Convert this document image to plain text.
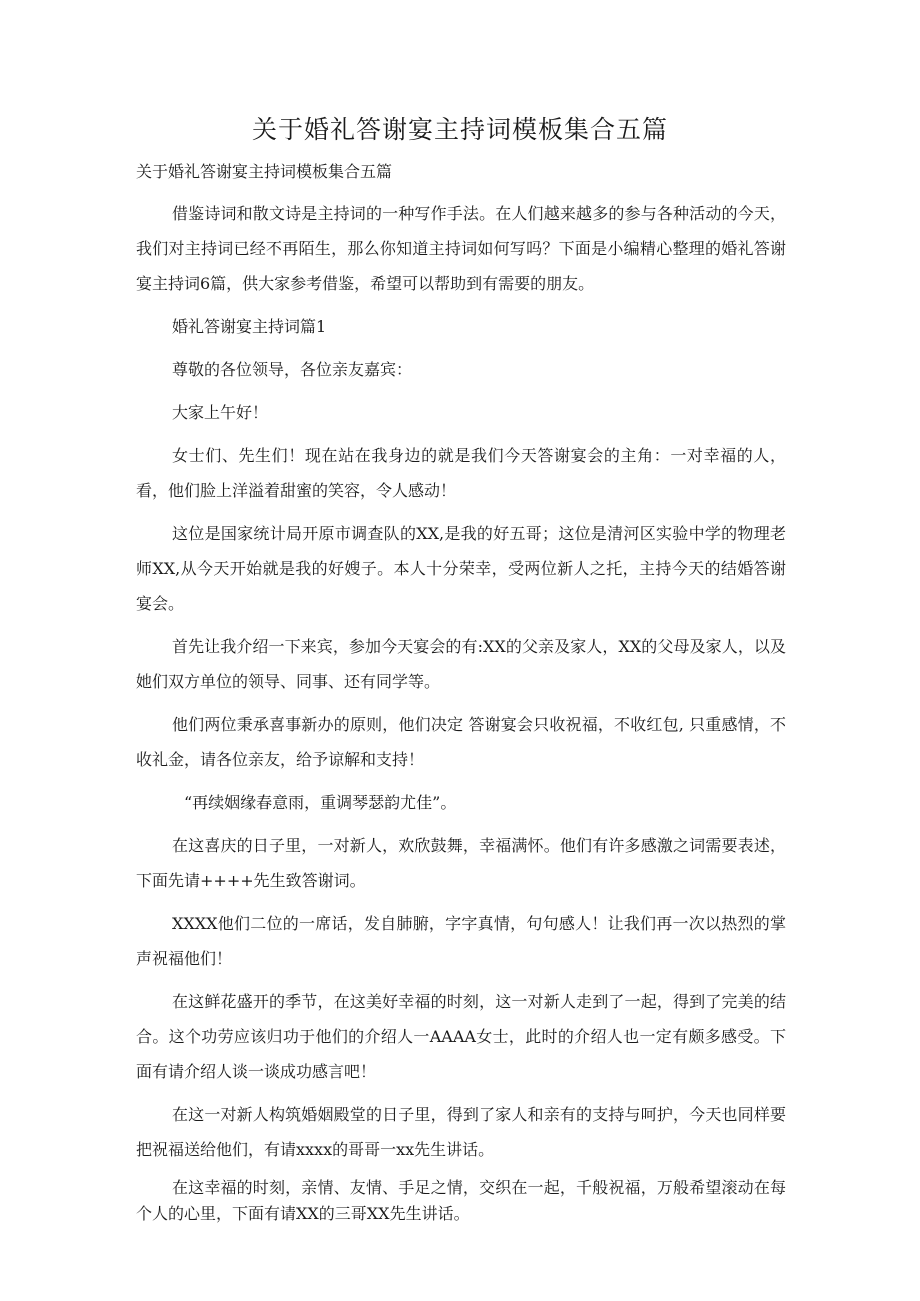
关于婚礼答谢宴主持词模板集合五篇
关于婚礼答谢宴主持词模板集合五篇

借鉴诗词和散文诗是主持词的一种写作手法。在人们越来越多的参与各种活动的今天，我们对主持词已经不再陌生，那么你知道主持词如何写吗？下面是小编精心整理的婚礼答谢宴主持词6篇，供大家参考借鉴，希望可以帮助到有需要的朋友。

婚礼答谢宴主持词篇1

尊敬的各位领导，各位亲友嘉宾：

大家上午好！

女士们、先生们！现在站在我身边的就是我们今天答谢宴会的主角：一对幸福的人，看，他们脸上洋溢着甜蜜的笑容，令人感动！

这位是国家统计局开原市调查队的XX,是我的好五哥；这位是清河区实验中学的物理老师XX,从今天开始就是我的好嫂子。本人十分荣幸，受两位新人之托，主持今天的结婚答谢宴会。

首先让我介绍一下来宾，参加今天宴会的有:XX的父亲及家人，XX的父母及家人，以及她们双方单位的领导、同事、还有同学等。

他们两位秉承喜事新办的原则，他们决定 答谢宴会只收祝福，不收红包, 只重感情，不收礼金，请各位亲友，给予谅解和支持！

“再续姻缘春意雨，重调琴瑟韵尤佳”。

在这喜庆的日子里，一对新人，欢欣鼓舞，幸福满怀。他们有许多感激之词需要表述，下面先请++++先生致答谢词。

XXXX他们二位的一席话，发自肺腑，字字真情，句句感人！让我们再一次以热烈的掌声祝福他们！

在这鲜花盛开的季节，在这美好幸福的时刻，这一对新人走到了一起，得到了完美的结合。这个功劳应该归功于他们的介绍人一AAAA女士，此时的介绍人也一定有颇多感受。下面有请介绍人谈一谈成功感言吧！

在这一对新人构筑婚姻殿堂的日子里，得到了家人和亲有的支持与呵护，今天也同样要把祝福送给他们，有请xxxx的哥哥一xx先生讲话。

在这幸福的时刻，亲情、友情、手足之情，交织在一起，千般祝福，万般希望滚动在每个人的心里，下面有请XX的三哥XX先生讲话。
